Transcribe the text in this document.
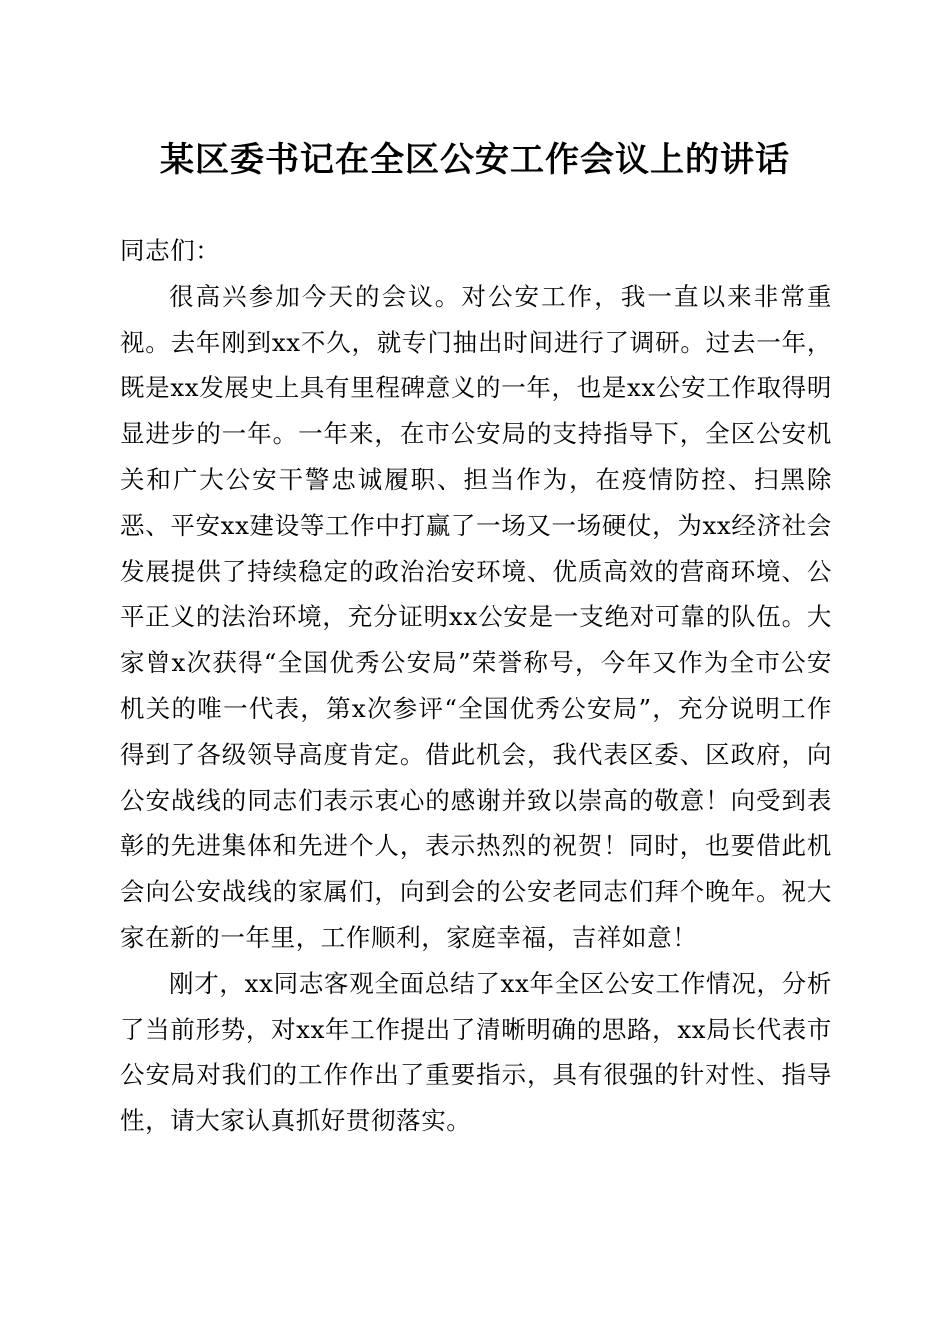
某区委书记在全区公安工作会议上的讲话

同志们：

很高兴参加今天的会议。对公安工作，我一直以来非常重视。去年刚到xx不久，就专门抽出时间进行了调研。过去一年，既是xx发展史上具有里程碑意义的一年，也是xx公安工作取得明显进步的一年。一年来，在市公安局的支持指导下，全区公安机关和广大公安干警忠诚履职、担当作为，在疫情防控、扫黑除恶、平安xx建设等工作中打赢了一场又一场硬仗，为xx经济社会发展提供了持续稳定的政治治安环境、优质高效的营商环境、公平正义的法治环境，充分证明xx公安是一支绝对可靠的队伍。大家曾x次获得“全国优秀公安局”荣誉称号，今年又作为全市公安机关的唯一代表，第x次参评“全国优秀公安局”，充分说明工作得到了各级领导高度肯定。借此机会，我代表区委、区政府，向公安战线的同志们表示衷心的感谢并致以崇高的敬意！向受到表彰的先进集体和先进个人，表示热烈的祝贺！同时，也要借此机会向公安战线的家属们，向到会的公安老同志们拜个晚年。祝大家在新的一年里，工作顺利，家庭幸福，吉祥如意！

刚才，xx同志客观全面总结了xx年全区公安工作情况，分析了当前形势，对xx年工作提出了清晰明确的思路，xx局长代表市公安局对我们的工作作出了重要指示，具有很强的针对性、指导性，请大家认真抓好贯彻落实。
